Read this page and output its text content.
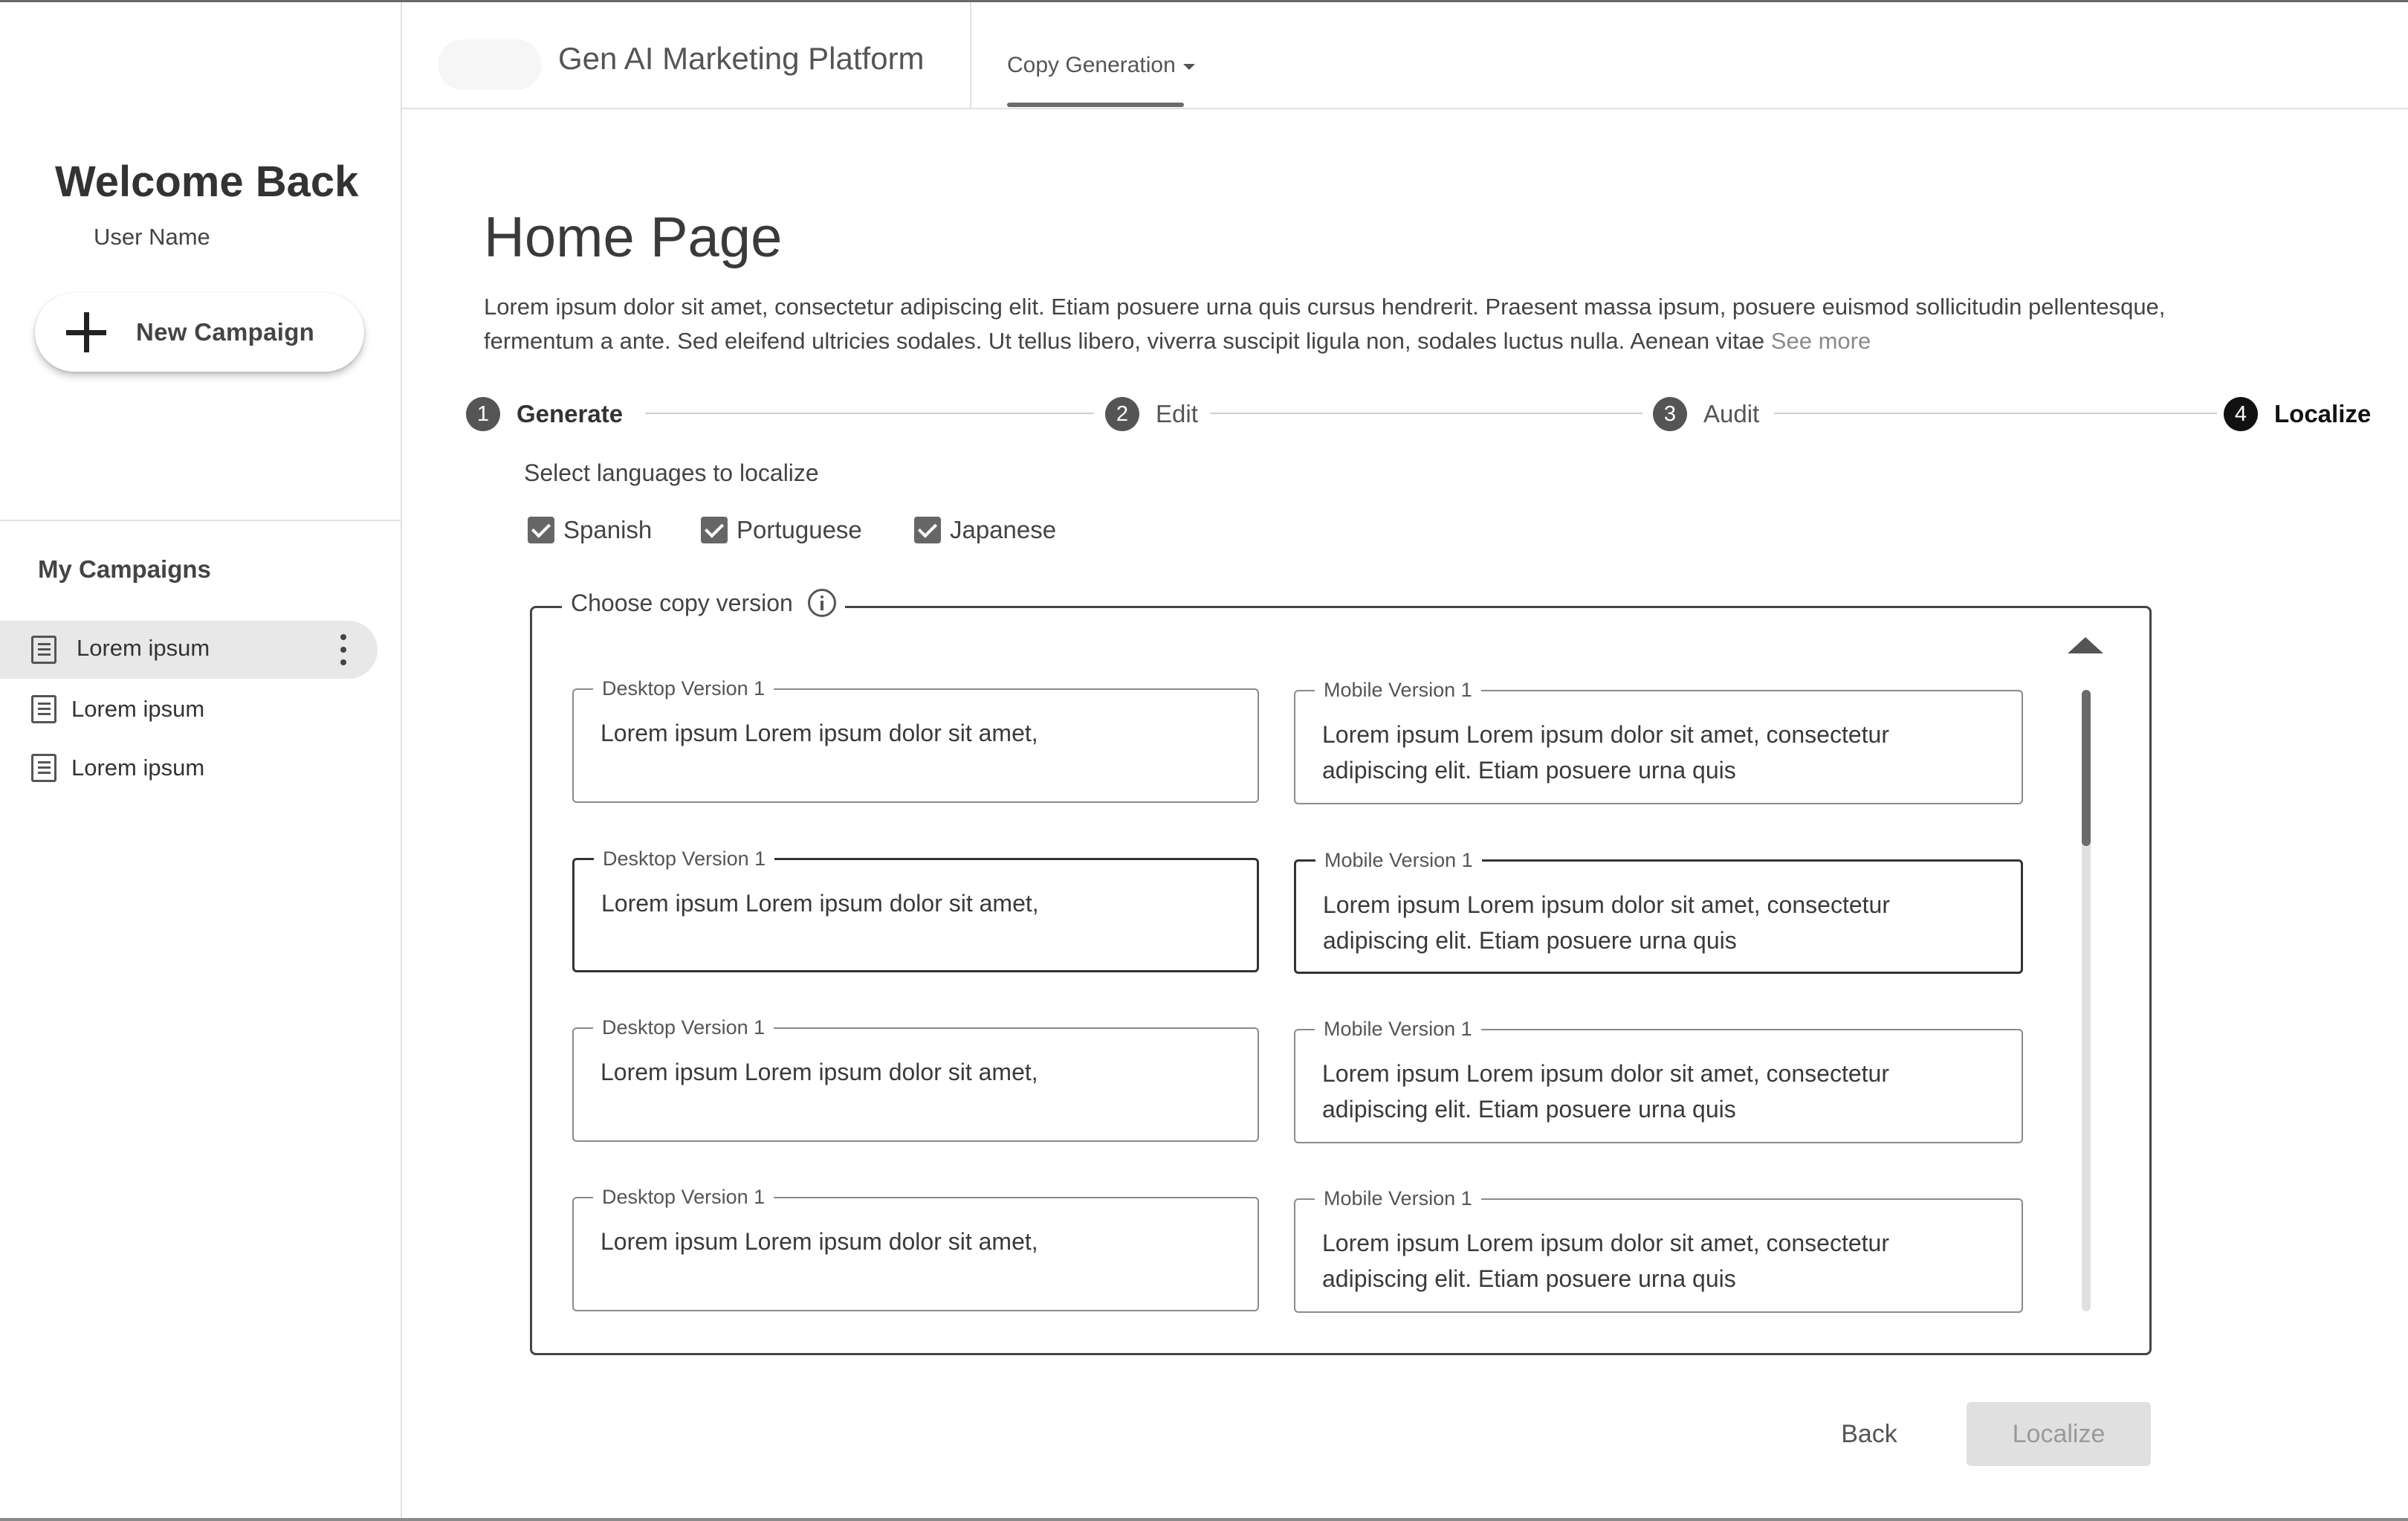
Welcome Back
User Name
New Campaign
My Campaigns
Lorem ipsum
Lorem ipsum
Lorem ipsum
Gen AI Marketing Platform	Copy Generation
Home Page
Lorem ipsum dolor sit amet, consectetur adipiscing elit. Etiam posuere urna quis cursus hendrerit. Praesent massa ipsum, posuere euismod sollicitudin pellentesque, fermentum a ante. Sed eleifend ultricies sodales. Ut tellus libero, viverra suscipit ligula non, sodales luctus nulla. Aenean vitae See more
1	Generate	2	Edit	3	Audit	4	Localize
Select languages to localize
Spanish	Portuguese	Japanese
Choose copy version
Desktop Version 1
Lorem ipsum Lorem ipsum dolor sit amet,
Mobile Version 1
Lorem ipsum Lorem ipsum dolor sit amet, consectetur adipiscing elit. Etiam posuere urna quis
Desktop Version 1
Lorem ipsum Lorem ipsum dolor sit amet,
Mobile Version 1
Lorem ipsum Lorem ipsum dolor sit amet, consectetur adipiscing elit. Etiam posuere urna quis
Desktop Version 1
Lorem ipsum Lorem ipsum dolor sit amet,
Mobile Version 1
Lorem ipsum Lorem ipsum dolor sit amet, consectetur adipiscing elit. Etiam posuere urna quis
Desktop Version 1
Lorem ipsum Lorem ipsum dolor sit amet,
Mobile Version 1
Lorem ipsum Lorem ipsum dolor sit amet, consectetur adipiscing elit. Etiam posuere urna quis
Back	Localize
